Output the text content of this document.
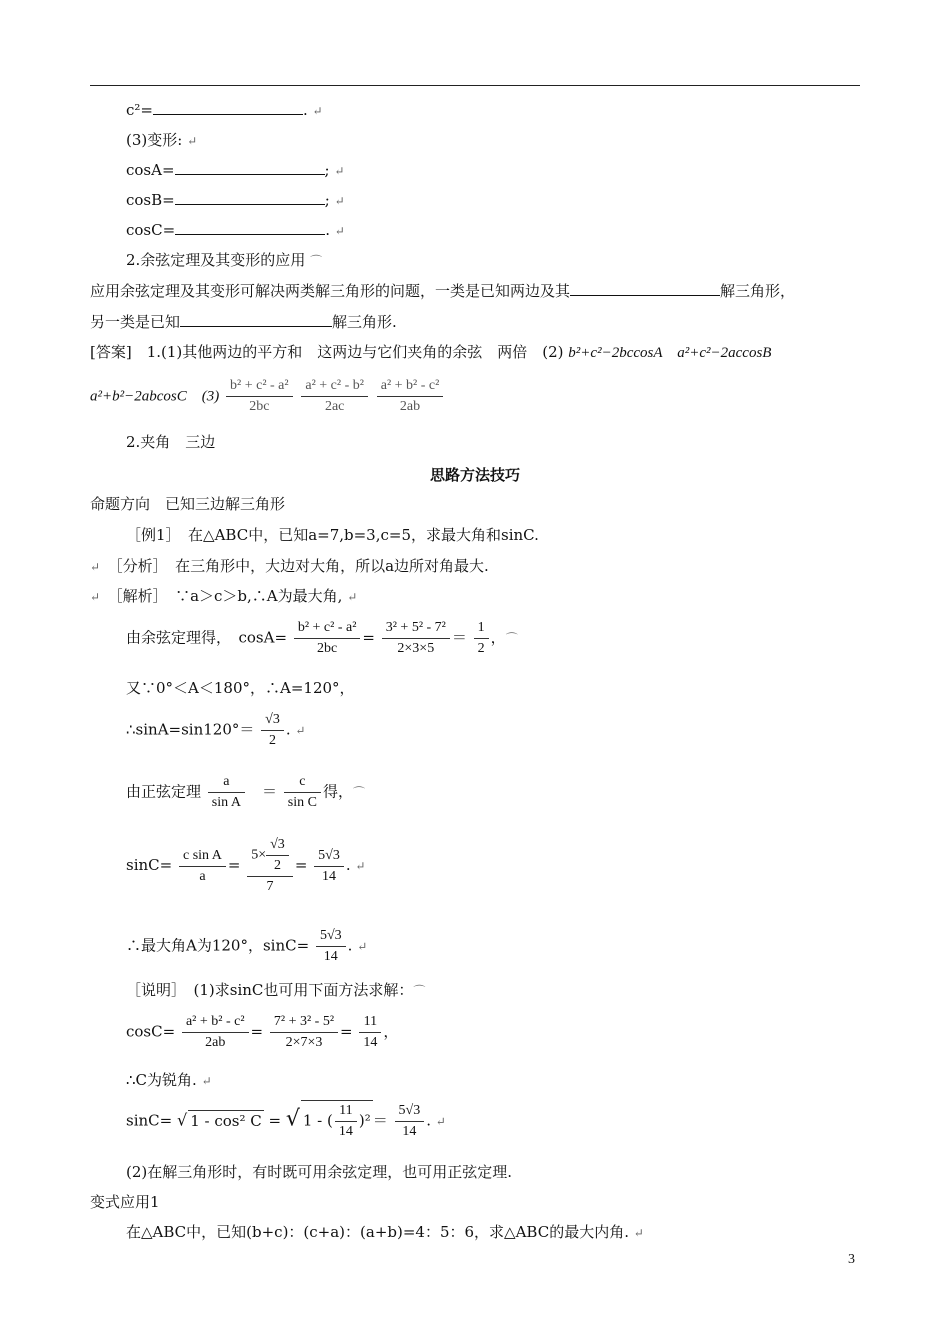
c²=	. ↵
(3)变形: ↵
cosA=	; ↵
cosB=	; ↵
cosC=	. ↵
2.余弦定理及其变形的应用 ⌒
应用余弦定理及其变形可解决两类解三角形的问题，一类是已知两边及其	解三角形，
另一类是已知	解三角形.
[答案]　1.(1)其他两边的平方和　这两边与它们夹角的余弦　两倍　(2) b²+c²−2bccosA　a²+c²−2accosB
a²+b²−2abcosC　$(3) \frac{\text{b² + c² - a²}}{2bc}$
$\frac{\text{a² + c² - b²}}{2ac}$
$\frac{\text{a² + b² - c²}}{2ab}$
2.夹角　三边
思路方法技巧
命题方向　已知三边解三角形
［例1］　在△ABC中，已知a=7,b=3,c=5，求最大角和sinC.
↵　 ［分析］　在三角形中，大边对大角，所以a边所对角最大.
↵　 ［解析］　∵a＞c＞b,∴A为最大角, ↵
由余弦定理得，　$\cos A= \frac{\text{b² + c² - a²}}{2bc} = \frac{\text{3² + 5² - 7²}}{2\times 3\times 5} = \frac{1}{2}$ ，⌒
又∵0°＜A＜180°，∴A=120°，
∴sinA=sin120°＝ $\frac{√3}{2}$ . ↵
由正弦定理 $\frac{a}{\text{sin A}}$ 　＝ $\frac{c}{\text{sin C}}$ 得，⌒
$\sin C= \frac{\text{c sin A}}{a} = \frac{5\times \frac{√3}{2}}{7} = \frac{5√3}{14}$ . ↵
∴最大角A为120°，$\sin C= \frac{5√3}{14}$ . ↵
［说明］　(1)求sinC也可用下面方法求解：⌒
$\cos C= \frac{\text{a² + b² - c²}}{2ab} = \frac{\text{7² + 3² - 5²}}{2\times 7\times 3} = \frac{11}{14}$ ，
∴C为锐角. ↵
sinC= √ 1 - cos² C = √ 1 - ( $\frac{11}{14} )^2 = \frac{5√3}{14}$ . ↵
(2)在解三角形时，有时既可用余弦定理，也可用正弦定理.
变式应用1
在△ABC中，已知(b+c)：(c+a)：(a+b)=4：5：6，求△ABC的最大内角. ↵
3
